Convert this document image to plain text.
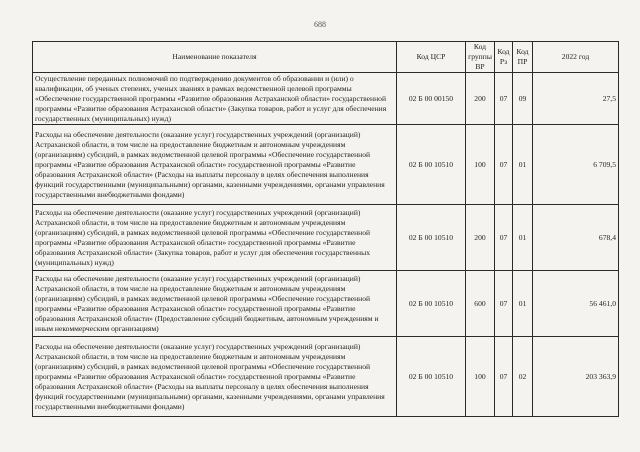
688
Наименование показателя	Код ЦСР	Код группы ВР	Код Рз	Код ПР	2022 год
Осуществление переданных полномочий по подтверждению документов об образовании и (или) о квалификации, об ученых степенях, ученых званиях в рамках ведомственной целевой программы «Обеспечение государственной программы «Развитие образования Астраханской области» государственной программы «Развитие образования Астраханской области» (Закупка товаров, работ и услуг для обеспечения государственных (муниципальных) нужд)	02 Б 00 00150	200	07	09	27,5
Расходы на обеспечение деятельности (оказание услуг) государственных учреждений (организаций) Астраханской области, в том числе на предоставление бюджетным и автономным учреждениям (организациям) субсидий, в рамках ведомственной целевой программы «Обеспечение государственной программы «Развитие образования Астраханской области» государственной программы «Развитие образования Астраханской области» (Расходы на выплаты персоналу в целях обеспечения выполнения функций государственными (муниципальными) органами, казенными учреждениями, органами управления государственными внебюджетными фондами)	02 Б 00 10510	100	07	01	6 709,5
Расходы на обеспечение деятельности (оказание услуг) государственных учреждений (организаций) Астраханской области, в том числе на предоставление бюджетным и автономным учреждениям (организациям) субсидий, в рамках ведомственной целевой программы «Обеспечение государственной программы «Развитие образования Астраханской области» государственной программы «Развитие образования Астраханской области» (Закупка товаров, работ и услуг для обеспечения государственных (муниципальных) нужд)	02 Б 00 10510	200	07	01	678,4
Расходы на обеспечение деятельности (оказание услуг) государственных учреждений (организаций) Астраханской области, в том числе на предоставление бюджетным и автономным учреждениям (организациям) субсидий, в рамках ведомственной целевой программы «Обеспечение государственной программы «Развитие образования Астраханской области» государственной программы «Развитие образования Астраханской области» (Предоставление субсидий бюджетным, автономным учреждениям и иным некоммерческим организациям)	02 Б 00 10510	600	07	01	56 461,0
Расходы на обеспечение деятельности (оказание услуг) государственных учреждений (организаций) Астраханской области, в том числе на предоставление бюджетным и автономным учреждениям (организациям) субсидий, в рамках ведомственной целевой программы «Обеспечение государственной программы «Развитие образования Астраханской области» государственной программы «Развитие образования Астраханской области» (Расходы на выплаты персоналу в целях обеспечения выполнения функций государственными (муниципальными) органами, казенными учреждениями, органами управления государственными внебюджетными фондами)	02 Б 00 10510	100	07	02	203 363,9
